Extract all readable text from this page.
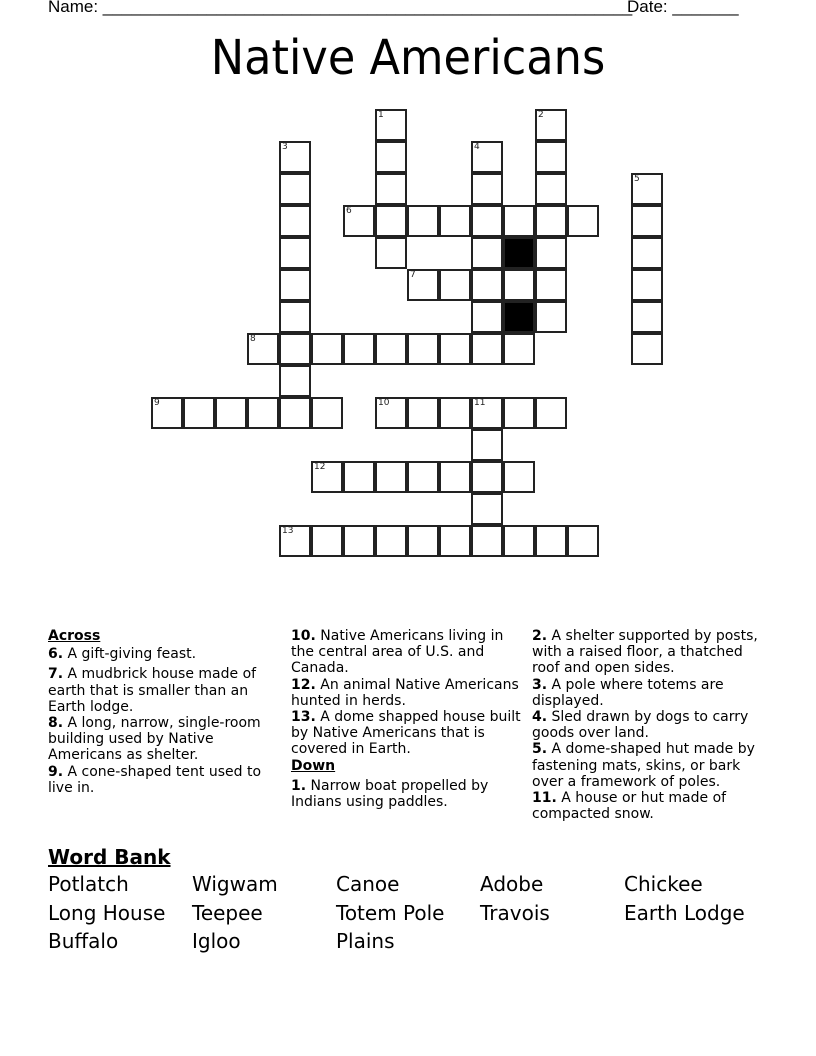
Name: ________________________________________________________
Date: _______
Native Americans
1	2
3	4
5
6
7
8
9	10	11
12
13
Across
6. A gift-giving feast.
7. A mudbrick house made of earth that is smaller than an Earth lodge.
8. A long, narrow, single-room building used by Native Americans as shelter.
9. A cone-shaped tent used to live in.
10. Native Americans living in the central area of U.S. and Canada.
12. An animal Native Americans hunted in herds.
13. A dome shapped house built by Native Americans that is covered in Earth.
Down
1. Narrow boat propelled by Indians using paddles.
2. A shelter supported by posts, with a raised floor, a thatched roof and open sides.
3. A pole where totems are displayed.
4. Sled drawn by dogs to carry goods over land.
5. A dome-shaped hut made by fastening mats, skins, or bark over a framework of poles.
11. A house or hut made of compacted snow.
Word Bank
Potlatch	Wigwam	Canoe	Adobe	Chickee
Long House	Teepee	Totem Pole	Travois	Earth Lodge
Buffalo	Igloo	Plains
